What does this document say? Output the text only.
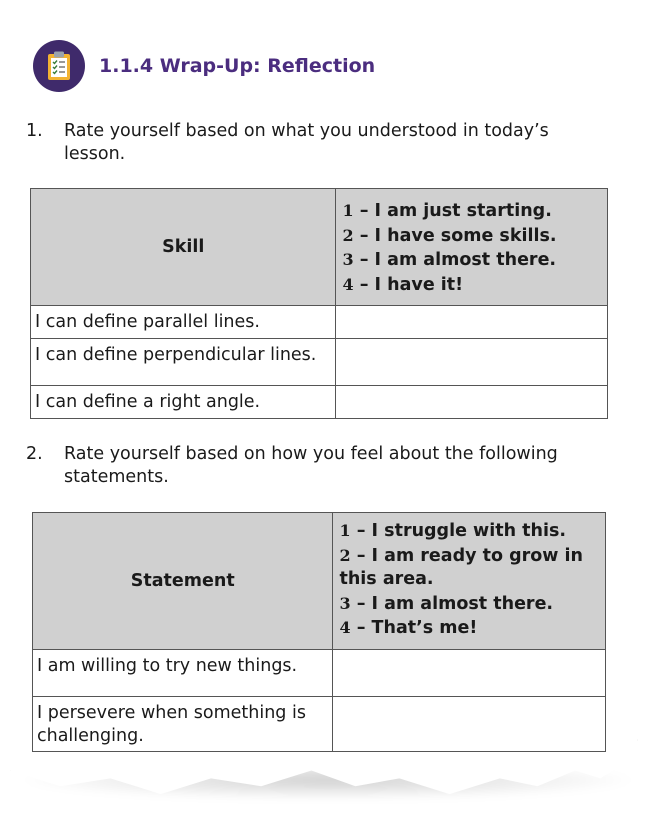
1.1.4 Wrap-Up: Reflection
1.	Rate yourself based on what you understood in today’s lesson.
Skill	1 – I am just starting.
2 – I have some skills.
3 – I am almost there.
4 – I have it!

I can define parallel lines.	
I can define perpendicular lines.	
I can define a right angle.	
2.	Rate yourself based on how you feel about the following statements.
Statement	1 – I struggle with this.
2 – I am ready to grow in this area.
3 – I am almost there.
4 – That’s me!

I am willing to try new things.	
I persevere when something is challenging.	
